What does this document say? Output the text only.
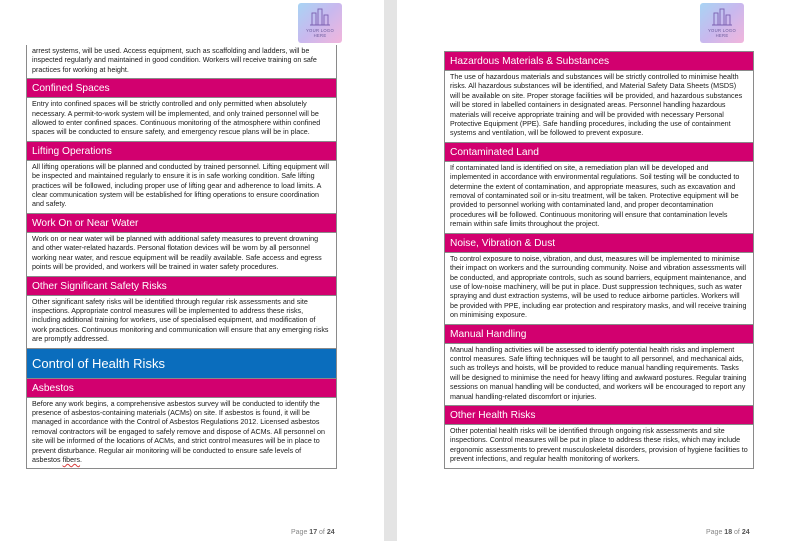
YOUR LOGO
HERE
arrest systems, will be used. Access equipment, such as scaffolding and ladders, will be inspected regularly and maintained in good condition. Workers will receive training on safe practices for working at height.
Confined Spaces
Entry into confined spaces will be strictly controlled and only permitted when absolutely necessary. A permit-to-work system will be implemented, and only trained personnel will be allowed to enter confined spaces. Continuous monitoring of the atmosphere within confined spaces will be conducted to ensure safety, and emergency rescue plans will be in place.
Lifting Operations
All lifting operations will be planned and conducted by trained personnel. Lifting equipment will be inspected and maintained regularly to ensure it is in safe working condition. Safe lifting practices will be followed, including proper use of lifting gear and adherence to load limits. A clear communication system will be established for lifting operations to ensure coordination and safety.
Work On or Near Water
Work on or near water will be planned with additional safety measures to prevent drowning and other water-related hazards. Personal flotation devices will be worn by all personnel working near water, and rescue equipment will be readily available. Safe access and egress points will be provided, and workers will be trained in water safety procedures.
Other Significant Safety Risks
Other significant safety risks will be identified through regular risk assessments and site inspections. Appropriate control measures will be implemented to address these risks, including additional training for workers, use of specialised equipment, and modification of work practices. Continuous monitoring and communication will ensure that any emerging risks are promptly addressed.
Control of Health Risks
Asbestos
Before any work begins, a comprehensive asbestos survey will be conducted to identify the presence of asbestos-containing materials (ACMs) on site. If asbestos is found, it will be managed in accordance with the Control of Asbestos Regulations 2012. Licensed asbestos removal contractors will be engaged to safely remove and dispose of ACMs. All personnel on site will be informed of the locations of ACMs, and strict control measures will be in place to prevent disturbance. Regular air monitoring will be conducted to ensure safe levels of asbestos fibers.
Page 17 of 24
YOUR LOGO
HERE
Hazardous Materials & Substances
The use of hazardous materials and substances will be strictly controlled to minimise health risks. All hazardous substances will be identified, and Material Safety Data Sheets (MSDS) will be available on site. Proper storage facilities will be provided, and hazardous substances will be stored in labelled containers in designated areas. Personnel handling hazardous materials will receive appropriate training and will be provided with necessary Personal Protective Equipment (PPE). Safe handling procedures, including the use of containment systems and ventilation, will be followed to prevent exposure.
Contaminated Land
If contaminated land is identified on site, a remediation plan will be developed and implemented in accordance with environmental regulations. Soil testing will be conducted to determine the extent of contamination, and appropriate measures, such as excavation and removal of contaminated soil or in-situ treatment, will be taken. Protective equipment will be provided to personnel working with contaminated land, and proper decontamination procedures will be followed. Continuous monitoring will ensure that contamination levels remain within safe limits throughout the project.
Noise, Vibration & Dust
To control exposure to noise, vibration, and dust, measures will be implemented to minimise their impact on workers and the surrounding community. Noise and vibration assessments will be conducted, and appropriate controls, such as sound barriers, equipment maintenance, and use of low-noise machinery, will be put in place. Dust suppression techniques, such as water spraying and dust extraction systems, will be used to reduce airborne particles. Workers will be provided with PPE, including ear protection and respiratory masks, and will receive training on minimising exposure.
Manual Handling
Manual handling activities will be assessed to identify potential health risks and implement control measures. Safe lifting techniques will be taught to all personnel, and mechanical aids, such as trolleys and hoists, will be provided to reduce manual handling requirements. Tasks will be designed to minimise the need for heavy lifting and awkward postures. Regular training sessions on manual handling will be conducted, and workers will be encouraged to report any manual handling-related discomfort or injuries.
Other Health Risks
Other potential health risks will be identified through ongoing risk assessments and site inspections. Control measures will be put in place to address these risks, which may include ergonomic assessments to prevent musculoskeletal disorders, provision of hygiene facilities to prevent infections, and regular health monitoring of workers.
Page 18 of 24
